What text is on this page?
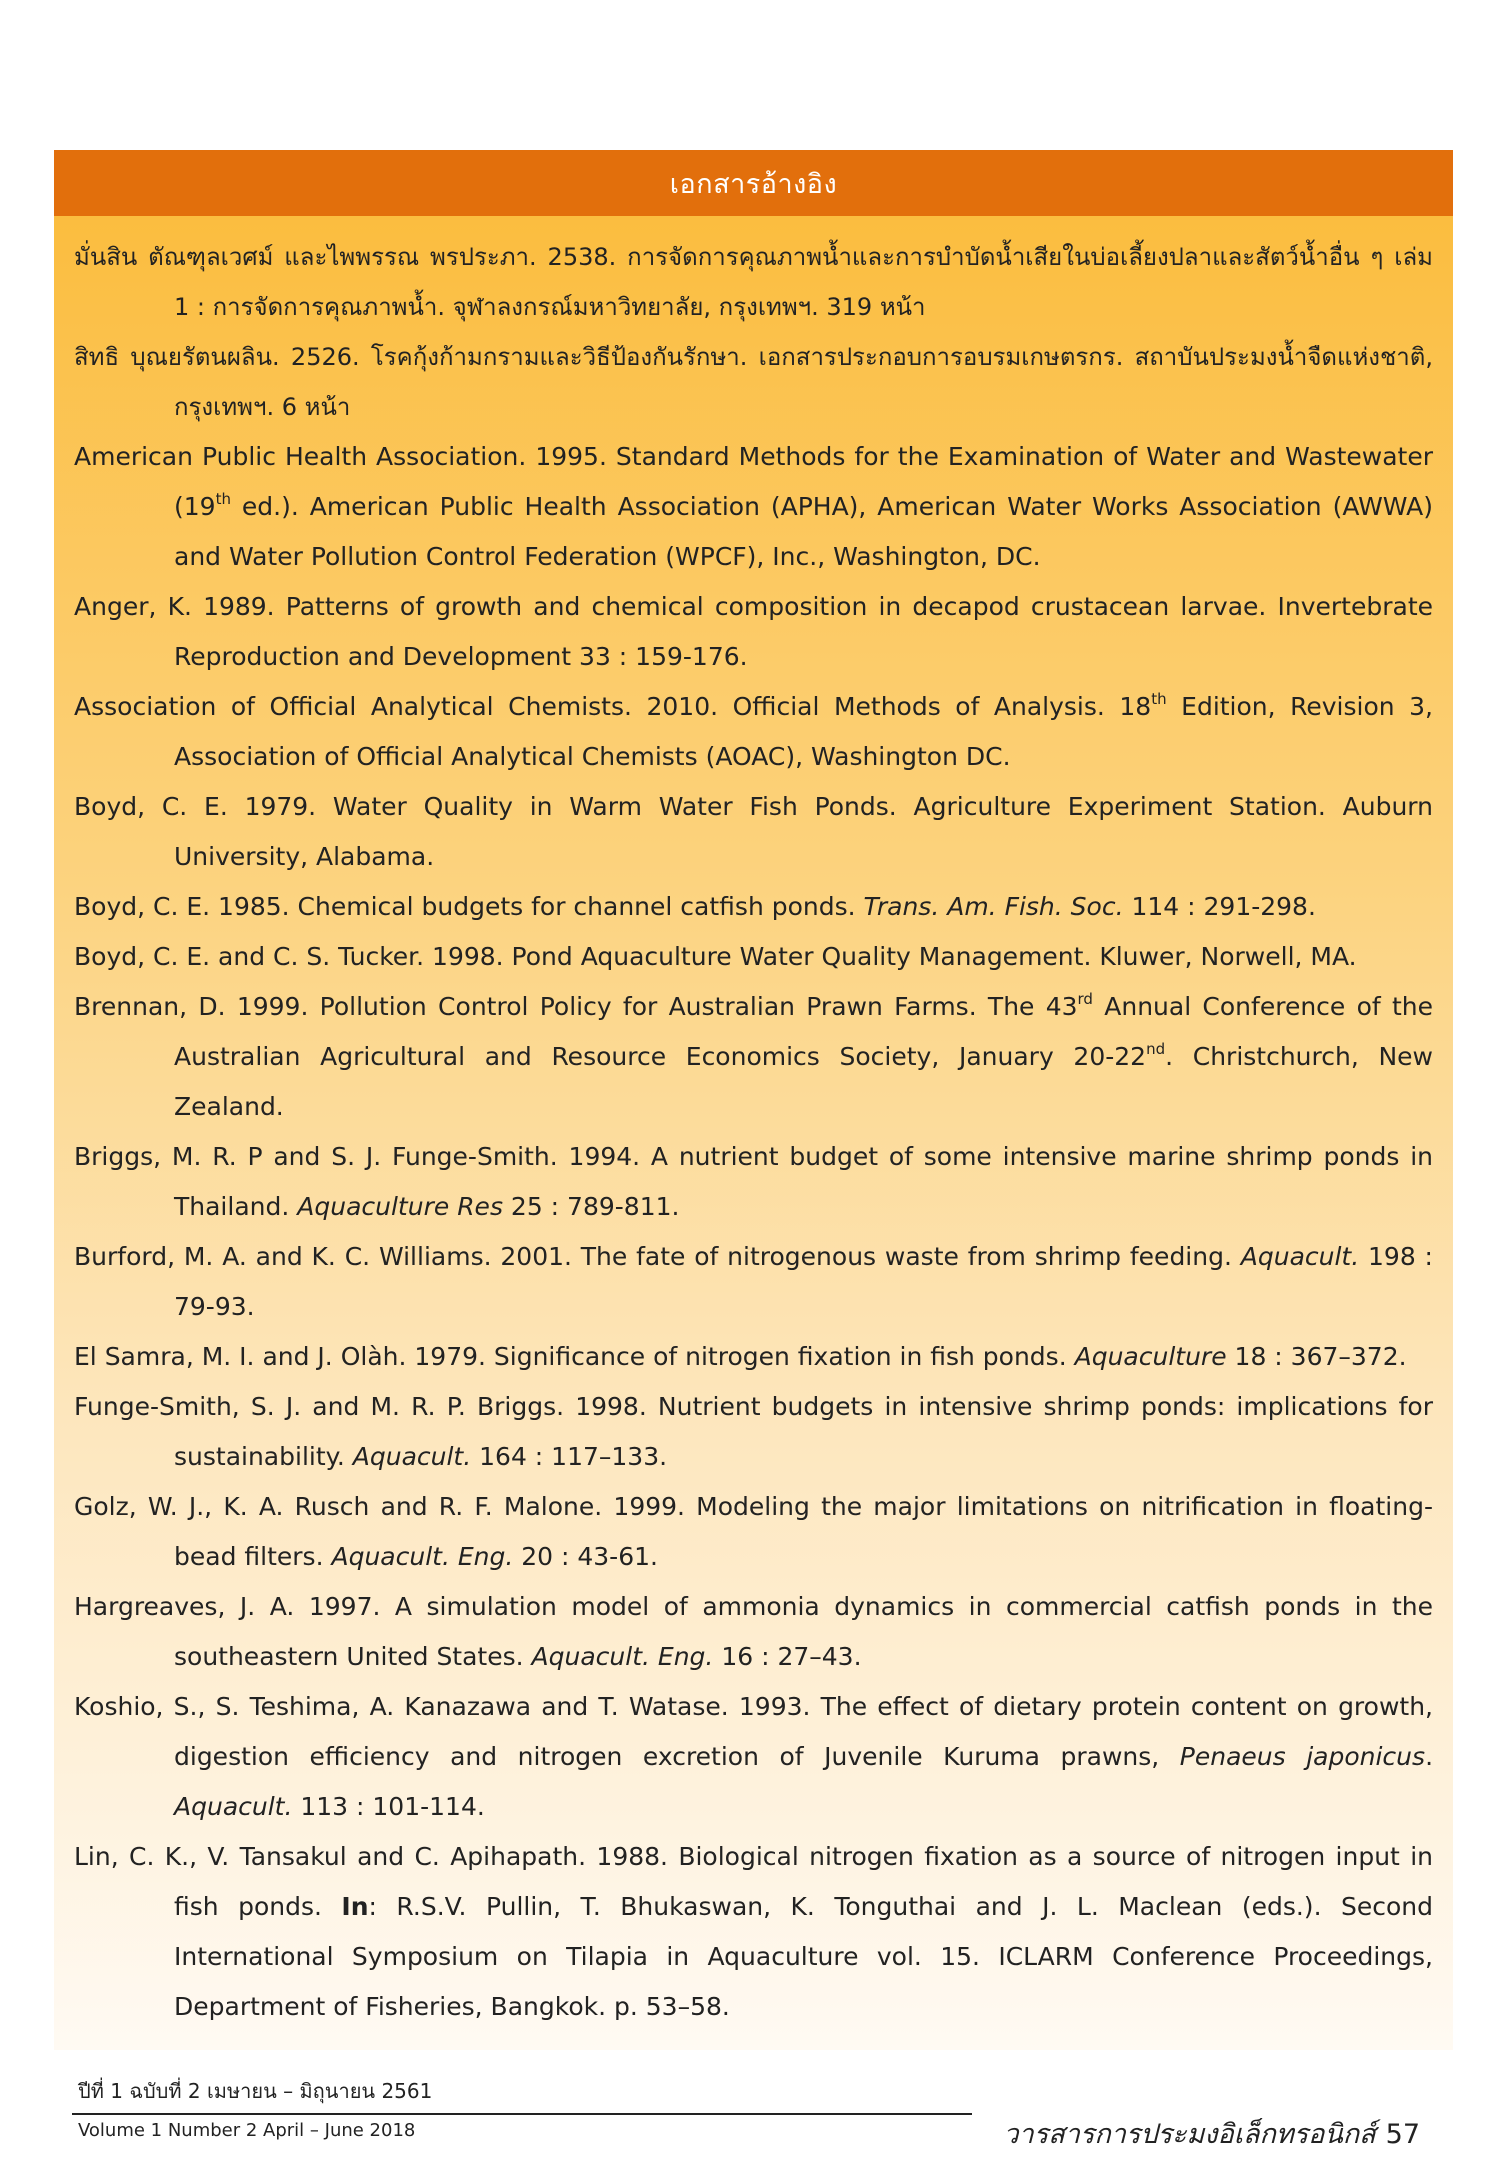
เอกสารอ้างอิง
มั่นสิน ตัณฑุลเวศม์ และไพพรรณ พรประภา. 2538. การจัดการคุณภาพน้ำและการบำบัดน้ำเสียในบ่อเลี้ยงปลาและสัตว์น้ำอื่น ๆ เล่ม 1 : การจัดการคุณภาพน้ำ. จุฬาลงกรณ์มหาวิทยาลัย, กรุงเทพฯ. 319 หน้า
สิทธิ บุณยรัตนผลิน. 2526. โรคกุ้งก้ามกรามและวิธีป้องกันรักษา. เอกสารประกอบการอบรมเกษตรกร. สถาบันประมงน้ำจืดแห่งชาติ, กรุงเทพฯ. 6 หน้า
American Public Health Association. 1995. Standard Methods for the Examination of Water and Wastewater (19th ed.). American Public Health Association (APHA), American Water Works Association (AWWA) and Water Pollution Control Federation (WPCF), Inc., Washington, DC.
Anger, K. 1989. Patterns of growth and chemical composition in decapod crustacean larvae. Invertebrate Reproduction and Development 33 : 159-176.
Association of Official Analytical Chemists. 2010. Official Methods of Analysis. 18th Edition, Revision 3, Association of Official Analytical Chemists (AOAC), Washington DC.
Boyd, C. E. 1979. Water Quality in Warm Water Fish Ponds. Agriculture Experiment Station. Auburn University, Alabama.
Boyd, C. E. 1985. Chemical budgets for channel catfish ponds. Trans. Am. Fish. Soc. 114 : 291-298.
Boyd, C. E. and C. S. Tucker. 1998. Pond Aquaculture Water Quality Management. Kluwer, Norwell, MA.
Brennan, D. 1999. Pollution Control Policy for Australian Prawn Farms. The 43rd Annual Conference of the Australian Agricultural and Resource Economics Society, January 20-22nd. Christchurch, New Zealand.
Briggs, M. R. P and S. J. Funge-Smith. 1994. A nutrient budget of some intensive marine shrimp ponds in Thailand. Aquaculture Res 25 : 789-811.
Burford, M. A. and K. C. Williams. 2001. The fate of nitrogenous waste from shrimp feeding. Aquacult. 198 : 79-93.
El Samra, M. I. and J. Olàh. 1979. Significance of nitrogen fixation in fish ponds. Aquaculture 18 : 367–372.
Funge-Smith, S. J. and M. R. P. Briggs. 1998. Nutrient budgets in intensive shrimp ponds: implications for sustainability. Aquacult. 164 : 117–133.
Golz, W. J., K. A. Rusch and R. F. Malone. 1999. Modeling the major limitations on nitrification in floating-bead filters. Aquacult. Eng. 20 : 43-61.
Hargreaves, J. A. 1997. A simulation model of ammonia dynamics in commercial catfish ponds in the southeastern United States. Aquacult. Eng. 16 : 27–43.
Koshio, S., S. Teshima, A. Kanazawa and T. Watase. 1993. The effect of dietary protein content on growth, digestion efficiency and nitrogen excretion of Juvenile Kuruma prawns, Penaeus japonicus. Aquacult. 113 : 101-114.
Lin, C. K., V. Tansakul and C. Apihapath. 1988. Biological nitrogen fixation as a source of nitrogen input in fish ponds. In: R.S.V. Pullin, T. Bhukaswan, K. Tonguthai and J. L. Maclean (eds.). Second International Symposium on Tilapia in Aquaculture vol. 15. ICLARM Conference Proceedings, Department of Fisheries, Bangkok. p. 53–58.
ปีที่ 1 ฉบับที่ 2 เมษายน – มิถุนายน 2561
Volume 1 Number 2 April – June 2018	วารสารการประมงอิเล็กทรอนิกส์ 57
